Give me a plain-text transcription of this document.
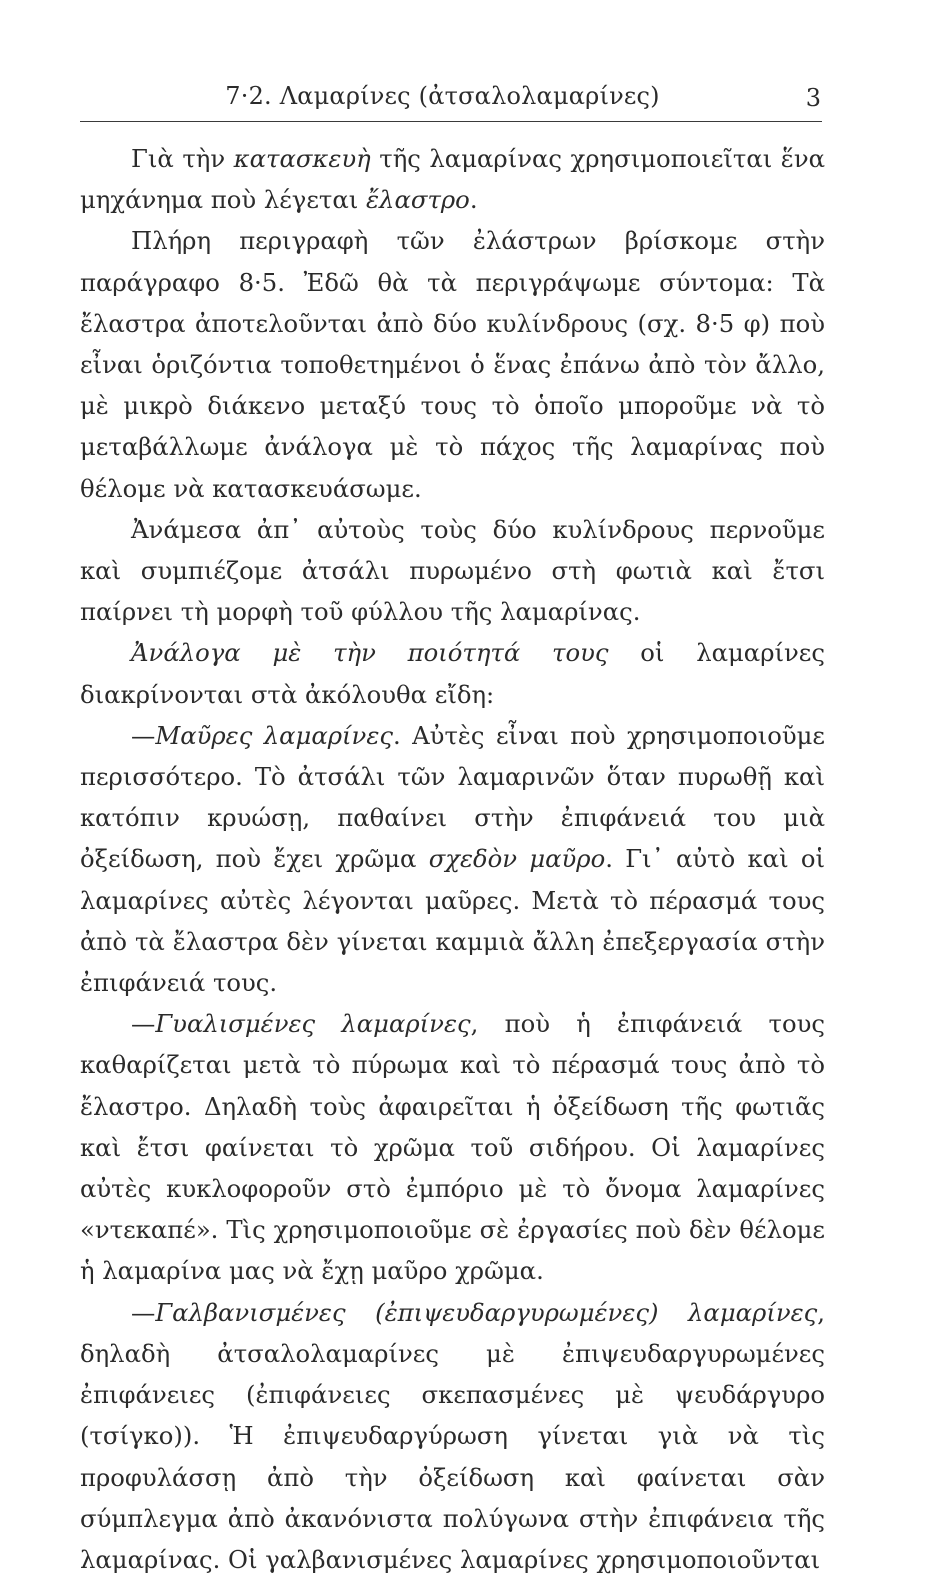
7·2. Λαμαρίνες (ἀτσαλολαμαρίνες)	3

Γιὰ τὴν κατασκευὴ τῆς λαμαρίνας χρησιμοποιεῖται ἕνα μηχάνημα ποὺ λέγεται ἔλαστρο.

Πλήρη περιγραφὴ τῶν ἐλάστρων βρίσκομε στὴν παράγραφο 8·5. Ἐδῶ θὰ τὰ περιγράψωμε σύντομα: Τὰ ἔλαστρα ἀποτελοῦνται ἀπὸ δύο κυλίνδρους (σχ. 8·5 φ) ποὺ εἶναι ὁριζόντια τοποθετημένοι ὁ ἕνας ἐπάνω ἀπὸ τὸν ἄλλο, μὲ μικρὸ διάκενο μεταξύ τους τὸ ὁποῖο μποροῦμε νὰ τὸ μεταβάλλωμε ἀνάλογα μὲ τὸ πάχος τῆς λαμαρίνας ποὺ θέλομε νὰ κατασκευάσωμε.

Ἀνάμεσα ἀπ᾿ αὐτοὺς τοὺς δύο κυλίνδρους περνοῦμε καὶ συμπιέζομε ἀτσάλι πυρωμένο στὴ φωτιὰ καὶ ἔτσι παίρνει τὴ μορφὴ τοῦ φύλλου τῆς λαμαρίνας.

Ἀνάλογα μὲ τὴν ποιότητά τους οἱ λαμαρίνες διακρίνονται στὰ ἀκόλουθα εἴδη:

—Μαῦρες λαμαρίνες. Αὐτὲς εἶναι ποὺ χρησιμοποιοῦμε περισσότερο. Τὸ ἀτσάλι τῶν λαμαρινῶν ὅταν πυρωθῇ καὶ κατόπιν κρυώσῃ, παθαίνει στὴν ἐπιφάνειά του μιὰ ὀξείδωση, ποὺ ἔχει χρῶμα σχεδὸν μαῦρο. Γι᾿ αὐτὸ καὶ οἱ λαμαρίνες αὐτὲς λέγονται μαῦρες. Μετὰ τὸ πέρασμά τους ἀπὸ τὰ ἔλαστρα δὲν γίνεται καμμιὰ ἄλλη ἐπεξεργασία στὴν ἐπιφάνειά τους.

—Γυαλισμένες λαμαρίνες, ποὺ ἡ ἐπιφάνειά τους καθαρίζεται μετὰ τὸ πύρωμα καὶ τὸ πέρασμά τους ἀπὸ τὸ ἔλαστρο. Δηλαδὴ τοὺς ἀφαιρεῖται ἡ ὀξείδωση τῆς φωτιᾶς καὶ ἔτσι φαίνεται τὸ χρῶμα τοῦ σιδήρου. Οἱ λαμαρίνες αὐτὲς κυκλοφοροῦν στὸ ἐμπόριο μὲ τὸ ὄνομα λαμαρίνες «ντεκαπέ». Τὶς χρησιμοποιοῦμε σὲ ἐργασίες ποὺ δὲν θέλομε ἡ λαμαρίνα μας νὰ ἔχῃ μαῦρο χρῶμα.

—Γαλβανισμένες (ἐπιψευδαργυρωμένες) λαμαρίνες, δηλαδὴ ἀτσαλολαμαρίνες μὲ ἐπιψευδαργυρωμένες ἐπιφάνειες (ἐπιφάνειες σκεπασμένες μὲ ψευδάργυρο (τσίγκο)). Ἡ ἐπιψευδαργύρωση γίνεται γιὰ νὰ τὶς προφυλάσσῃ ἀπὸ τὴν ὀξείδωση καὶ φαίνεται σὰν σύμπλεγμα ἀπὸ ἀκανόνιστα πολύγωνα στὴν ἐπιφάνεια τῆς λαμαρίνας. Οἱ γαλβανισμένες λαμαρίνες χρησιμοποιοῦνται
